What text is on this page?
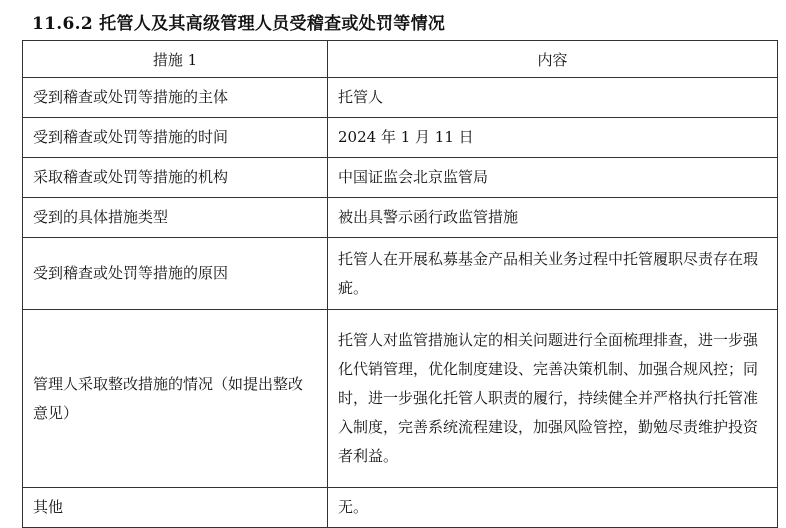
11.6.2 托管人及其高级管理人员受稽查或处罚等情况
措施 1	内容
受到稽查或处罚等措施的主体	托管人
受到稽查或处罚等措施的时间	2024 年 1 月 11 日
采取稽查或处罚等措施的机构	中国证监会北京监管局
受到的具体措施类型	被出具警示函行政监管措施
受到稽查或处罚等措施的原因	托管人在开展私募基金产品相关业务过程中托管履职尽责存在瑕疵。
管理人采取整改措施的情况（如提出整改意见）	托管人对监管措施认定的相关问题进行全面梳理排查，进一步强化代销管理，优化制度建设、完善决策机制、加强合规风控；同时，进一步强化托管人职责的履行，持续健全并严格执行托管准入制度，完善系统流程建设，加强风险管控，勤勉尽责维护投资者利益。
其他	无。
